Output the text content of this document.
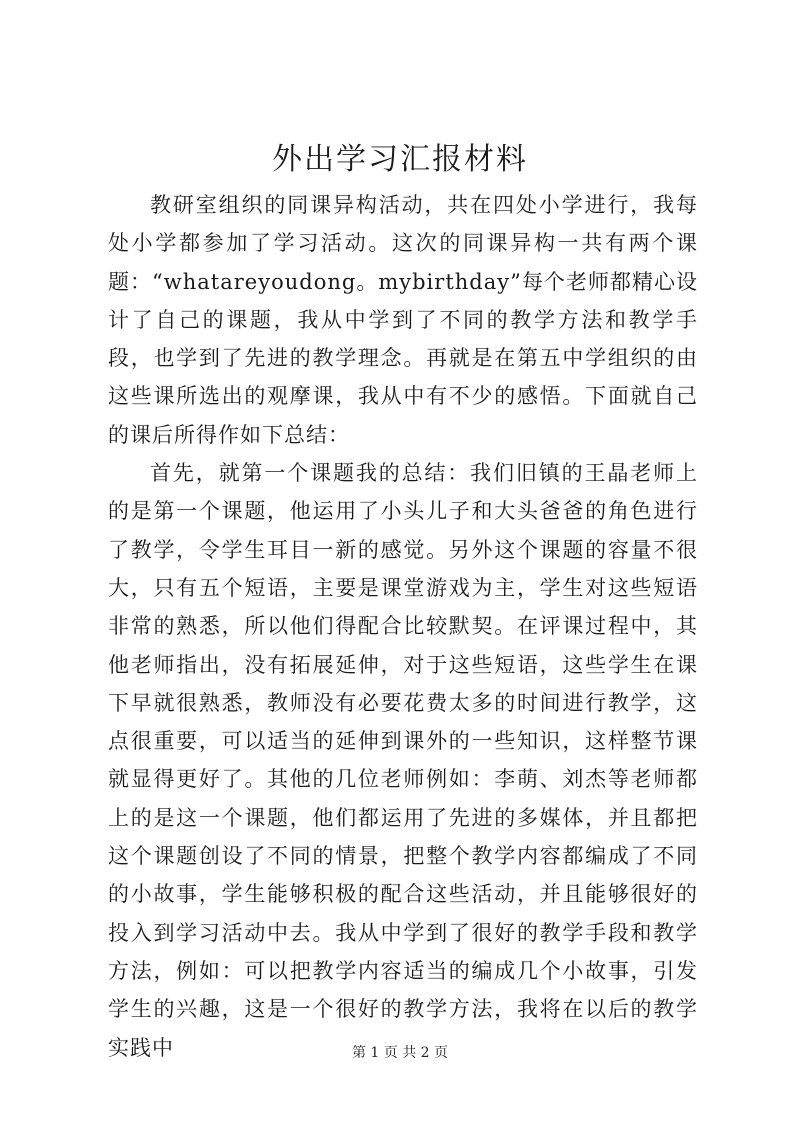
外出学习汇报材料

教研室组织的同课异构活动，共在四处小学进行，我每处小学都参加了学习活动。这次的同课异构一共有两个课题：“whatareyoudong。mybirthday”每个老师都精心设计了自己的课题，我从中学到了不同的教学方法和教学手段，也学到了先进的教学理念。再就是在第五中学组织的由这些课所选出的观摩课，我从中有不少的感悟。下面就自己的课后所得作如下总结：

首先，就第一个课题我的总结：我们旧镇的王晶老师上的是第一个课题，他运用了小头儿子和大头爸爸的角色进行了教学，令学生耳目一新的感觉。另外这个课题的容量不很大，只有五个短语，主要是课堂游戏为主，学生对这些短语非常的熟悉，所以他们得配合比较默契。在评课过程中，其他老师指出，没有拓展延伸，对于这些短语，这些学生在课下早就很熟悉，教师没有必要花费太多的时间进行教学，这点很重要，可以适当的延伸到课外的一些知识，这样整节课就显得更好了。其他的几位老师例如：李萌、刘杰等老师都上的是这一个课题，他们都运用了先进的多媒体，并且都把这个课题创设了不同的情景，把整个教学内容都编成了不同的小故事，学生能够积极的配合这些活动，并且能够很好的投入到学习活动中去。我从中学到了很好的教学手段和教学方法，例如：可以把教学内容适当的编成几个小故事，引发学生的兴趣，这是一个很好的教学方法，我将在以后的教学实践中	第 1 页 共 2 页
